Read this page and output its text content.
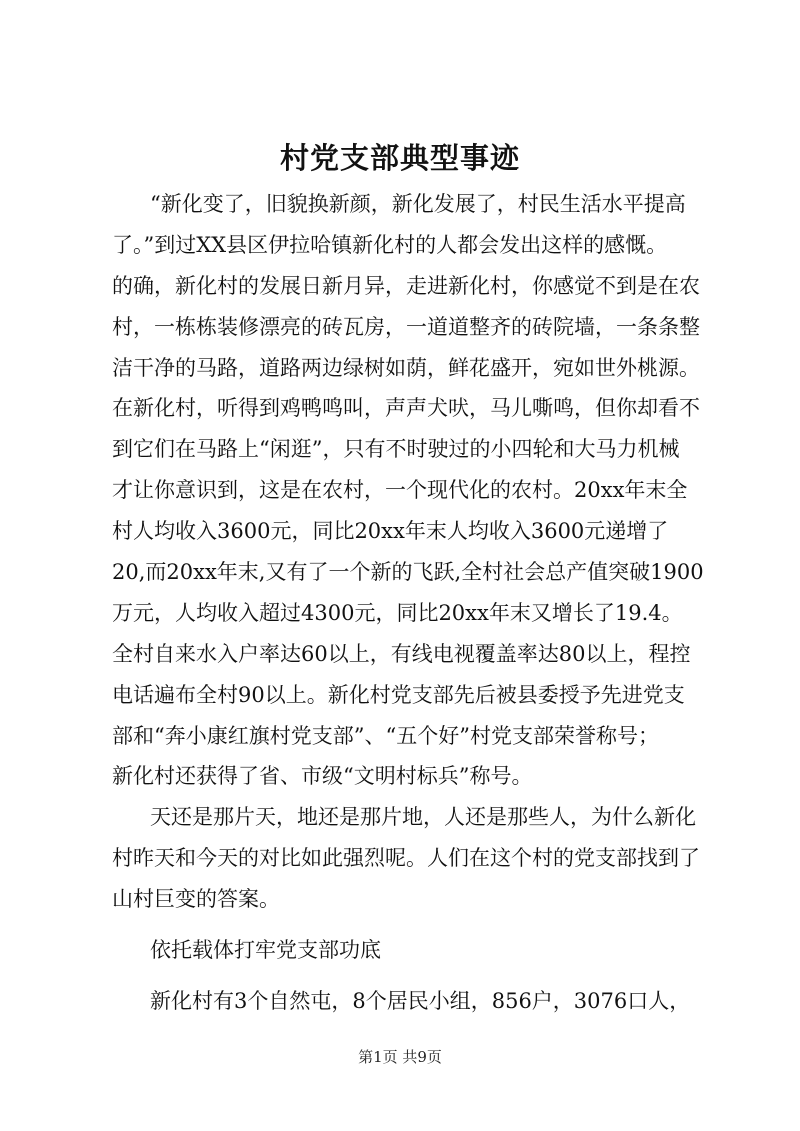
村党支部典型事迹
“新化变了，旧貌换新颜，新化发展了，村民生活水平提高
了。”到过XX县区伊拉哈镇新化村的人都会发出这样的感慨。
的确，新化村的发展日新月异，走进新化村，你感觉不到是在农
村，一栋栋装修漂亮的砖瓦房，一道道整齐的砖院墙，一条条整
洁干净的马路，道路两边绿树如荫，鲜花盛开，宛如世外桃源。
在新化村，听得到鸡鸭鸣叫，声声犬吠，马儿嘶鸣，但你却看不
到它们在马路上“闲逛”，只有不时驶过的小四轮和大马力机械
才让你意识到，这是在农村，一个现代化的农村。20xx年末全
村人均收入3600元，同比20xx年末人均收入3600元递增了
20,而20xx年末,又有了一个新的飞跃,全村社会总产值突破1900
万元，人均收入超过4300元，同比20xx年末又增长了19.4。
全村自来水入户率达60以上，有线电视覆盖率达80以上，程控
电话遍布全村90以上。新化村党支部先后被县委授予先进党支
部和“奔小康红旗村党支部”、“五个好”村党支部荣誉称号；
新化村还获得了省、市级“文明村标兵”称号。
天还是那片天，地还是那片地，人还是那些人，为什么新化
村昨天和今天的对比如此强烈呢。人们在这个村的党支部找到了
山村巨变的答案。
依托载体打牢党支部功底
新化村有3个自然屯，8个居民小组，856户，3076口人，
第1页 共9页
